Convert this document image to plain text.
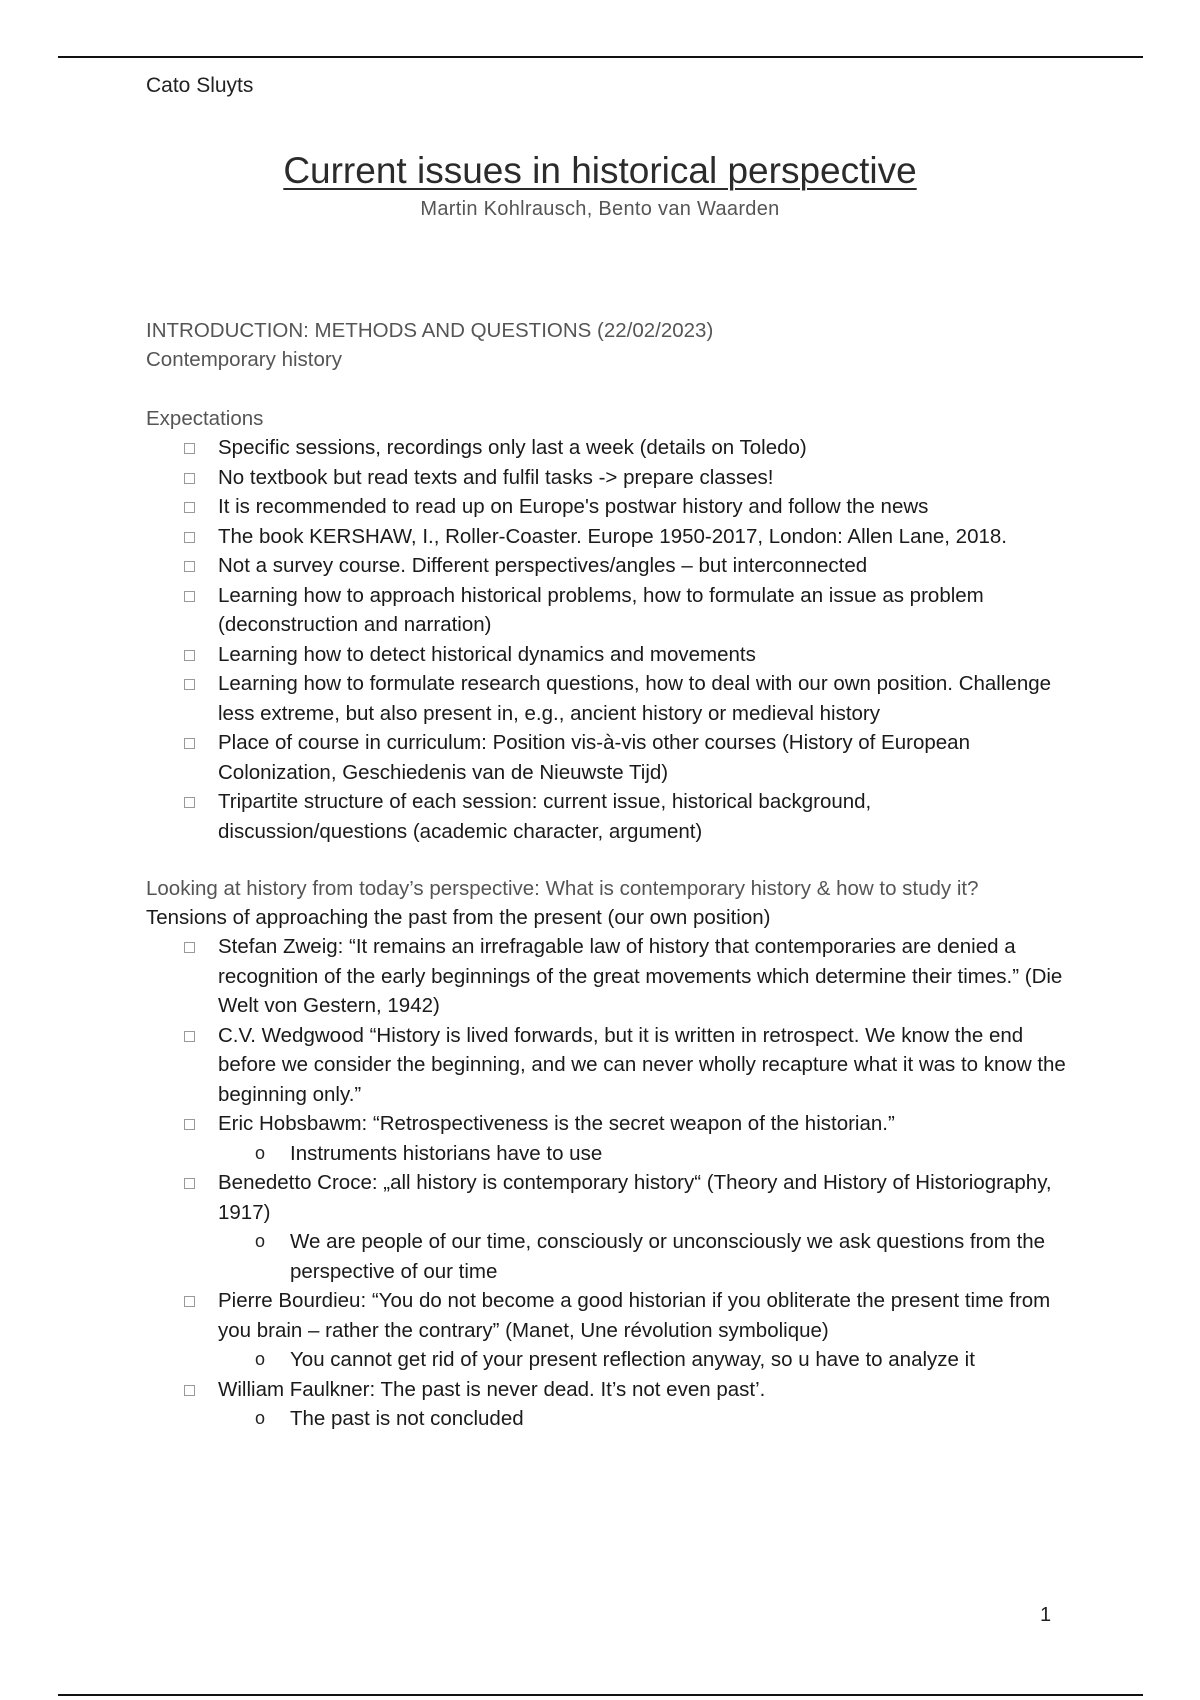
Cato Sluyts
Current issues in historical perspective
Martin Kohlrausch, Bento van Waarden
INTRODUCTION: METHODS AND QUESTIONS (22/02/2023)
Contemporary history
Expectations
Specific sessions, recordings only last a week (details on Toledo)
No textbook but read texts and fulfil tasks -> prepare classes!
It is recommended to read up on Europe's postwar history and follow the news
The book KERSHAW, I., Roller-Coaster. Europe 1950-2017, London: Allen Lane, 2018.
Not a survey course. Different perspectives/angles – but interconnected
Learning how to approach historical problems, how to formulate an issue as problem (deconstruction and narration)
Learning how to detect historical dynamics and movements
Learning how to formulate research questions, how to deal with our own position. Challenge less extreme, but also present in, e.g., ancient history or medieval history
Place of course in curriculum: Position vis-à-vis other courses (History of European Colonization, Geschiedenis van de Nieuwste Tijd)
Tripartite structure of each session: current issue, historical background, discussion/questions (academic character, argument)
Looking at history from today’s perspective: What is contemporary history & how to study it?
Tensions of approaching the past from the present (our own position)
Stefan Zweig: “It remains an irrefragable law of history that contemporaries are denied a recognition of the early beginnings of the great movements which determine their times.” (Die Welt von Gestern, 1942)
C.V. Wedgwood “History is lived forwards, but it is written in retrospect. We know the end before we consider the beginning, and we can never wholly recapture what it was to know the beginning only.”
Eric Hobsbawm: “Retrospectiveness is the secret weapon of the historian.”
o Instruments historians have to use
Benedetto Croce: „all history is contemporary history“ (Theory and History of Historiography, 1917)
o We are people of our time, consciously or unconsciously we ask questions from the perspective of our time
Pierre Bourdieu: “You do not become a good historian if you obliterate the present time from you brain – rather the contrary” (Manet, Une révolution symbolique)
o You cannot get rid of your present reflection anyway, so u have to analyze it
William Faulkner: The past is never dead. It’s not even past’.
o The past is not concluded
1
